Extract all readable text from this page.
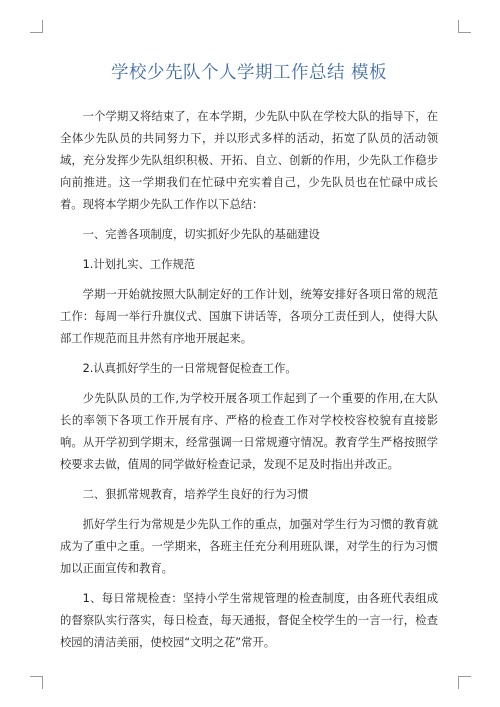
学校少先队个人学期工作总结 模板

一个学期又将结束了，在本学期，少先队中队在学校大队的指导下，在全体少先队员的共同努力下，并以形式多样的活动，拓宽了队员的活动领域，充分发挥少先队组织积极、开拓、自立、创新的作用，少先队工作稳步向前推进。这一学期我们在忙碌中充实着自己，少先队员也在忙碌中成长着。现将本学期少先队工作作以下总结：

一、完善各项制度，切实抓好少先队的基础建设

1.计划扎实、工作规范

学期一开始就按照大队制定好的工作计划，统筹安排好各项日常的规范工作：每周一举行升旗仪式、国旗下讲话等，各项分工责任到人，使得大队部工作规范而且井然有序地开展起来。

2.认真抓好学生的一日常规督促检查工作。

少先队队员的工作,为学校开展各项工作起到了一个重要的作用,在大队长的率领下各项工作开展有序、严格的检查工作对学校校容校貌有直接影响。从开学初到学期末，经常强调一日常规遵守情况。教育学生严格按照学校要求去做，值周的同学做好检查记录，发现不足及时指出并改正。

二、狠抓常规教育，培养学生良好的行为习惯

抓好学生行为常规是少先队工作的重点，加强对学生行为习惯的教育就成为了重中之重。一学期来，各班主任充分利用班队课，对学生的行为习惯加以正面宣传和教育。

1、每日常规检查：坚持小学生常规管理的检查制度，由各班代表组成的督察队实行落实，每日检查，每天通报，督促全校学生的一言一行，检查校园的清洁美丽，使校园“文明之花”常开。
